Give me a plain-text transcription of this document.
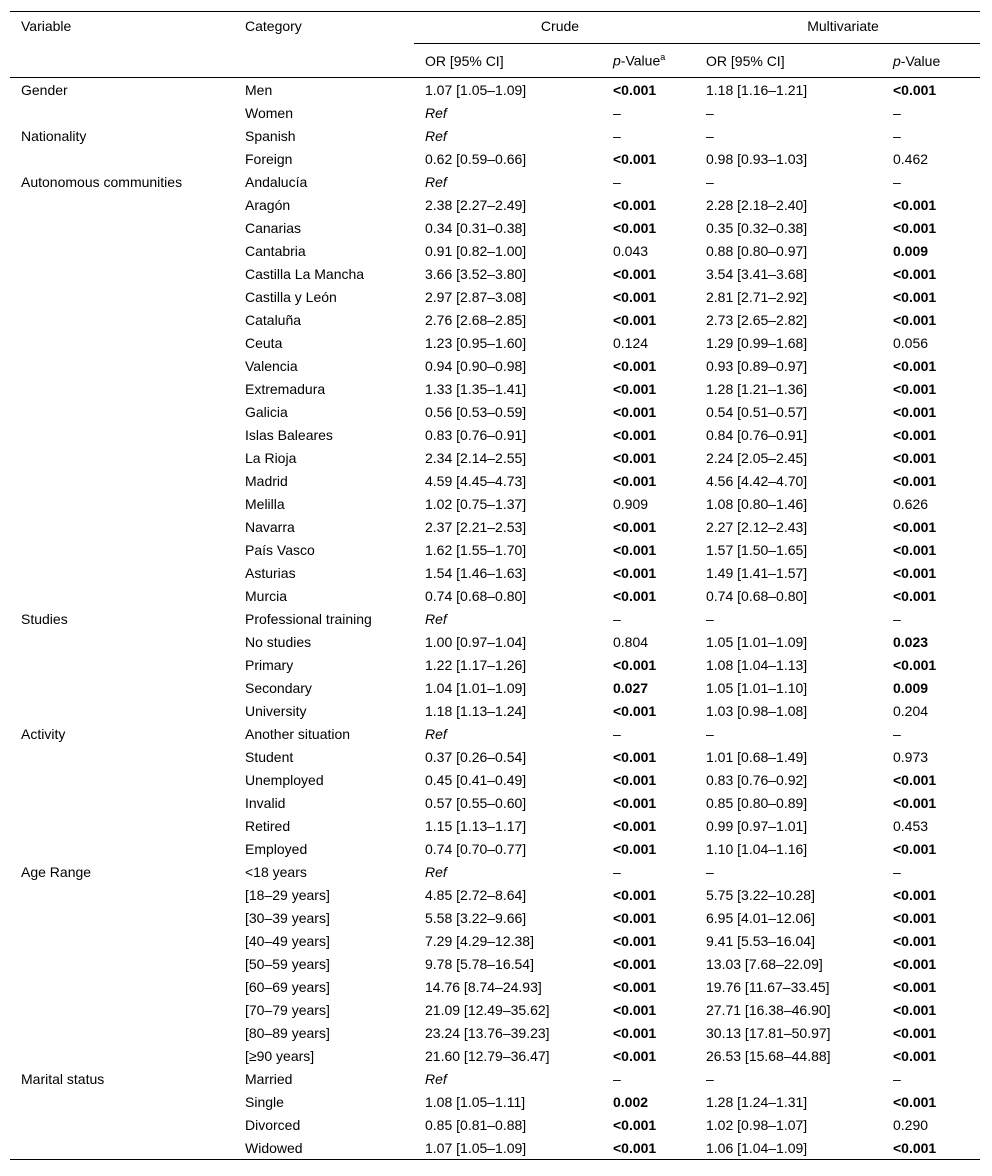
Variable	Category	Crude		Multivariate	
		OR [95% CI]	p-Value$^a$	OR [95% CI]	p-Value
Gender	Men	1.07 [1.05–1.09]	<0.001	1.18 [1.16–1.21]	<0.001
	Women	Ref	–	–	–
Nationality	Spanish	Ref	–	–	–
	Foreign	0.62 [0.59–0.66]	<0.001	0.98 [0.93–1.03]	0.462
Autonomous communities	Andalucía	Ref	–	–	–
	Aragón	2.38 [2.27–2.49]	<0.001	2.28 [2.18–2.40]	<0.001
	Canarias	0.34 [0.31–0.38]	<0.001	0.35 [0.32–0.38]	<0.001
	Cantabria	0.91 [0.82–1.00]	0.043	0.88 [0.80–0.97]	0.009
	Castilla La Mancha	3.66 [3.52–3.80]	<0.001	3.54 [3.41–3.68]	<0.001
	Castilla y León	2.97 [2.87–3.08]	<0.001	2.81 [2.71–2.92]	<0.001
	Cataluña	2.76 [2.68–2.85]	<0.001	2.73 [2.65–2.82]	<0.001
	Ceuta	1.23 [0.95–1.60]	0.124	1.29 [0.99–1.68]	0.056
	Valencia	0.94 [0.90–0.98]	<0.001	0.93 [0.89–0.97]	<0.001
	Extremadura	1.33 [1.35–1.41]	<0.001	1.28 [1.21–1.36]	<0.001
	Galicia	0.56 [0.53–0.59]	<0.001	0.54 [0.51–0.57]	<0.001
	Islas Baleares	0.83 [0.76–0.91]	<0.001	0.84 [0.76–0.91]	<0.001
	La Rioja	2.34 [2.14–2.55]	<0.001	2.24 [2.05–2.45]	<0.001
	Madrid	4.59 [4.45–4.73]	<0.001	4.56 [4.42–4.70]	<0.001
	Melilla	1.02 [0.75–1.37]	0.909	1.08 [0.80–1.46]	0.626
	Navarra	2.37 [2.21–2.53]	<0.001	2.27 [2.12–2.43]	<0.001
	País Vasco	1.62 [1.55–1.70]	<0.001	1.57 [1.50–1.65]	<0.001
	Asturias	1.54 [1.46–1.63]	<0.001	1.49 [1.41–1.57]	<0.001
	Murcia	0.74 [0.68–0.80]	<0.001	0.74 [0.68–0.80]	<0.001
Studies	Professional training	Ref	–	–	–
	No studies	1.00 [0.97–1.04]	0.804	1.05 [1.01–1.09]	0.023
	Primary	1.22 [1.17–1.26]	<0.001	1.08 [1.04–1.13]	<0.001
	Secondary	1.04 [1.01–1.09]	0.027	1.05 [1.01–1.10]	0.009
	University	1.18 [1.13–1.24]	<0.001	1.03 [0.98–1.08]	0.204
Activity	Another situation	Ref	–	–	–
	Student	0.37 [0.26–0.54]	<0.001	1.01 [0.68–1.49]	0.973
	Unemployed	0.45 [0.41–0.49]	<0.001	0.83 [0.76–0.92]	<0.001
	Invalid	0.57 [0.55–0.60]	<0.001	0.85 [0.80–0.89]	<0.001
	Retired	1.15 [1.13–1.17]	<0.001	0.99 [0.97–1.01]	0.453
	Employed	0.74 [0.70–0.77]	<0.001	1.10 [1.04–1.16]	<0.001
Age Range	<18 years	Ref	–	–	–
	[18–29 years]	4.85 [2.72–8.64]	<0.001	5.75 [3.22–10.28]	<0.001
	[30–39 years]	5.58 [3.22–9.66]	<0.001	6.95 [4.01–12.06]	<0.001
	[40–49 years]	7.29 [4.29–12.38]	<0.001	9.41 [5.53–16.04]	<0.001
	[50–59 years]	9.78 [5.78–16.54]	<0.001	13.03 [7.68–22.09]	<0.001
	[60–69 years]	14.76 [8.74–24.93]	<0.001	19.76 [11.67–33.45]	<0.001
	[70–79 years]	21.09 [12.49–35.62]	<0.001	27.71 [16.38–46.90]	<0.001
	[80–89 years]	23.24 [13.76–39.23]	<0.001	30.13 [17.81–50.97]	<0.001
	[≥90 years]	21.60 [12.79–36.47]	<0.001	26.53 [15.68–44.88]	<0.001
Marital status	Married	Ref	–	–	–
	Single	1.08 [1.05–1.11]	0.002	1.28 [1.24–1.31]	<0.001
	Divorced	0.85 [0.81–0.88]	<0.001	1.02 [0.98–1.07]	0.290
	Widowed	1.07 [1.05–1.09]	<0.001	1.06 [1.04–1.09]	<0.001
